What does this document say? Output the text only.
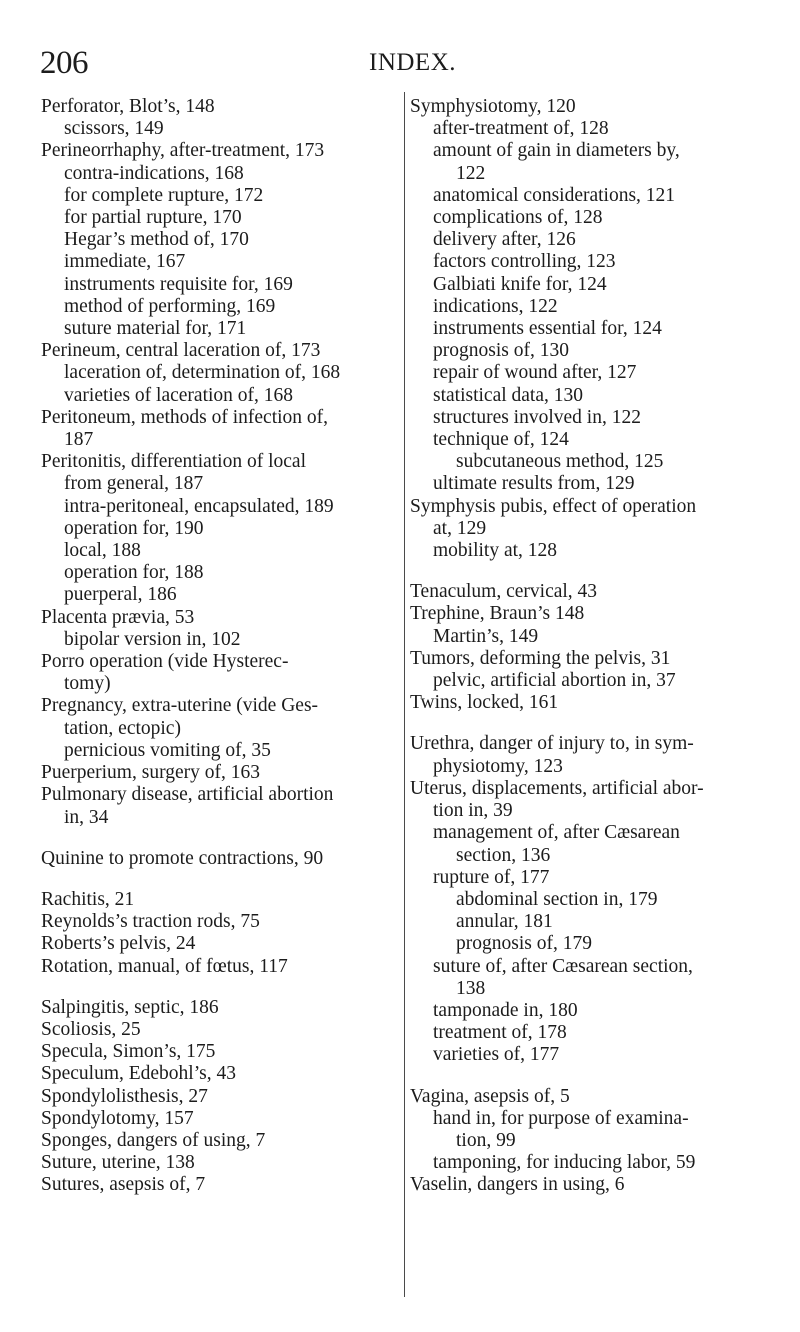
206	INDEX.
Perforator, Blot’s, 148
scissors, 149
Perineorrhaphy, after-treatment, 173
contra-indications, 168
for complete rupture, 172
for partial rupture, 170
Hegar’s method of, 170
immediate, 167
instruments requisite for, 169
method of performing, 169
suture material for, 171
Perineum, central laceration of, 173
laceration of, determination of, 168
varieties of laceration of, 168
Peritoneum, methods of infection of,
187
Peritonitis, differentiation of local
from general, 187
intra-peritoneal, encapsulated, 189
operation for, 190
local, 188
operation for, 188
puerperal, 186
Placenta prævia, 53
bipolar version in, 102
Porro operation (vide Hysterec-
tomy)
Pregnancy, extra-uterine (vide Ges-
tation, ectopic)
pernicious vomiting of, 35
Puerperium, surgery of, 163
Pulmonary disease, artificial abortion
in, 34
Quinine to promote contractions, 90
Rachitis, 21
Reynolds’s traction rods, 75
Roberts’s pelvis, 24
Rotation, manual, of fœtus, 117
Salpingitis, septic, 186
Scoliosis, 25
Specula, Simon’s, 175
Speculum, Edebohl’s, 43
Spondylolisthesis, 27
Spondylotomy, 157
Sponges, dangers of using, 7
Suture, uterine, 138
Sutures, asepsis of, 7
Symphysiotomy, 120
after-treatment of, 128
amount of gain in diameters by,
122
anatomical considerations, 121
complications of, 128
delivery after, 126
factors controlling, 123
Galbiati knife for, 124
indications, 122
instruments essential for, 124
prognosis of, 130
repair of wound after, 127
statistical data, 130
structures involved in, 122
technique of, 124
subcutaneous method, 125
ultimate results from, 129
Symphysis pubis, effect of operation
at, 129
mobility at, 128
Tenaculum, cervical, 43
Trephine, Braun’s 148
Martin’s, 149
Tumors, deforming the pelvis, 31
pelvic, artificial abortion in, 37
Twins, locked, 161
Urethra, danger of injury to, in sym-
physiotomy, 123
Uterus, displacements, artificial abor-
tion in, 39
management of, after Cæsarean
section, 136
rupture of, 177
abdominal section in, 179
annular, 181
prognosis of, 179
suture of, after Cæsarean section,
138
tamponade in, 180
treatment of, 178
varieties of, 177
Vagina, asepsis of, 5
hand in, for purpose of examina-
tion, 99
tamponing, for inducing labor, 59
Vaselin, dangers in using, 6
